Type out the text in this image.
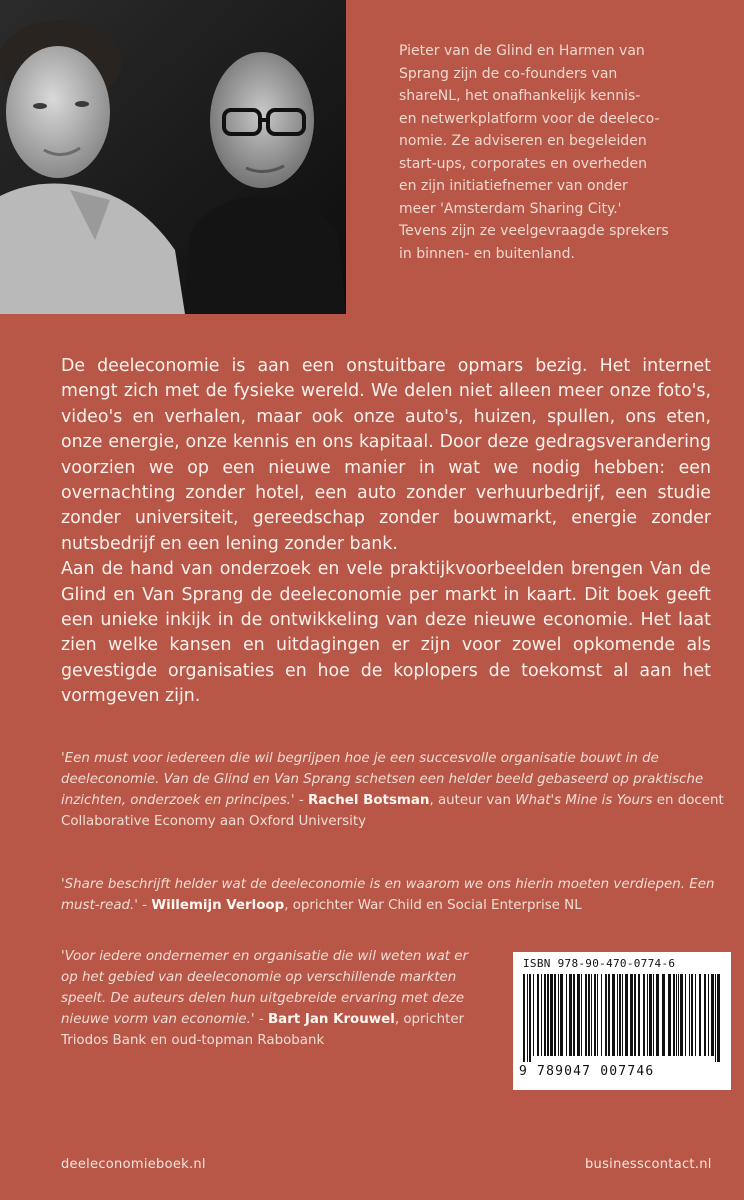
Pieter van de Glind en Harmen van
Sprang zijn de co-founders van
shareNL, het onafhankelijk kennis-
en netwerkplatform voor de deeleco-
nomie. Ze adviseren en begeleiden
start-ups, corporates en overheden
en zijn initiatiefnemer van onder
meer 'Amsterdam Sharing City.'
Tevens zijn ze veelgevraagde sprekers
in binnen- en buitenland.

De deeleconomie is aan een onstuitbare opmars bezig. Het internet mengt zich met de fysieke wereld. We delen niet alleen meer onze foto's, video's en verhalen, maar ook onze auto's, huizen, spullen, ons eten, onze energie, onze kennis en ons kapitaal. Door deze gedragsverandering voorzien we op een nieuwe manier in wat we nodig hebben: een overnachting zonder hotel, een auto zonder verhuurbedrijf, een studie zonder universiteit, gereedschap zonder bouwmarkt, energie zonder nutsbedrijf en een lening zonder bank.

Aan de hand van onderzoek en vele praktijkvoorbeelden brengen Van de Glind en Van Sprang de deeleconomie per markt in kaart. Dit boek geeft een unieke inkijk in de ontwikkeling van deze nieuwe economie. Het laat zien welke kansen en uitdagingen er zijn voor zowel opkomende als gevestigde organisaties en hoe de koplopers de toekomst al aan het vormgeven zijn.

'Een must voor iedereen die wil begrijpen hoe je een succesvolle organisatie bouwt in de deeleconomie. Van de Glind en Van Sprang schetsen een helder beeld gebaseerd op praktische inzichten, onderzoek en principes.' - Rachel Botsman, auteur van What's Mine is Yours en docent Collaborative Economy aan Oxford University
'Share beschrijft helder wat de deeleconomie is en waarom we ons hierin moeten verdiepen. Een must-read.' - Willemijn Verloop, oprichter War Child en Social Enterprise NL
'Voor iedere ondernemer en organisatie die wil weten wat er op het gebied van deeleconomie op verschillende markten speelt. De auteurs delen hun uitgebreide ervaring met deze nieuwe vorm van economie.' - Bart Jan Krouwel, oprichter Triodos Bank en oud-topman Rabobank
ISBN 978-90-470-0774-6
9 789047 007746
deeleconomieboek.nl	businesscontact.nl
